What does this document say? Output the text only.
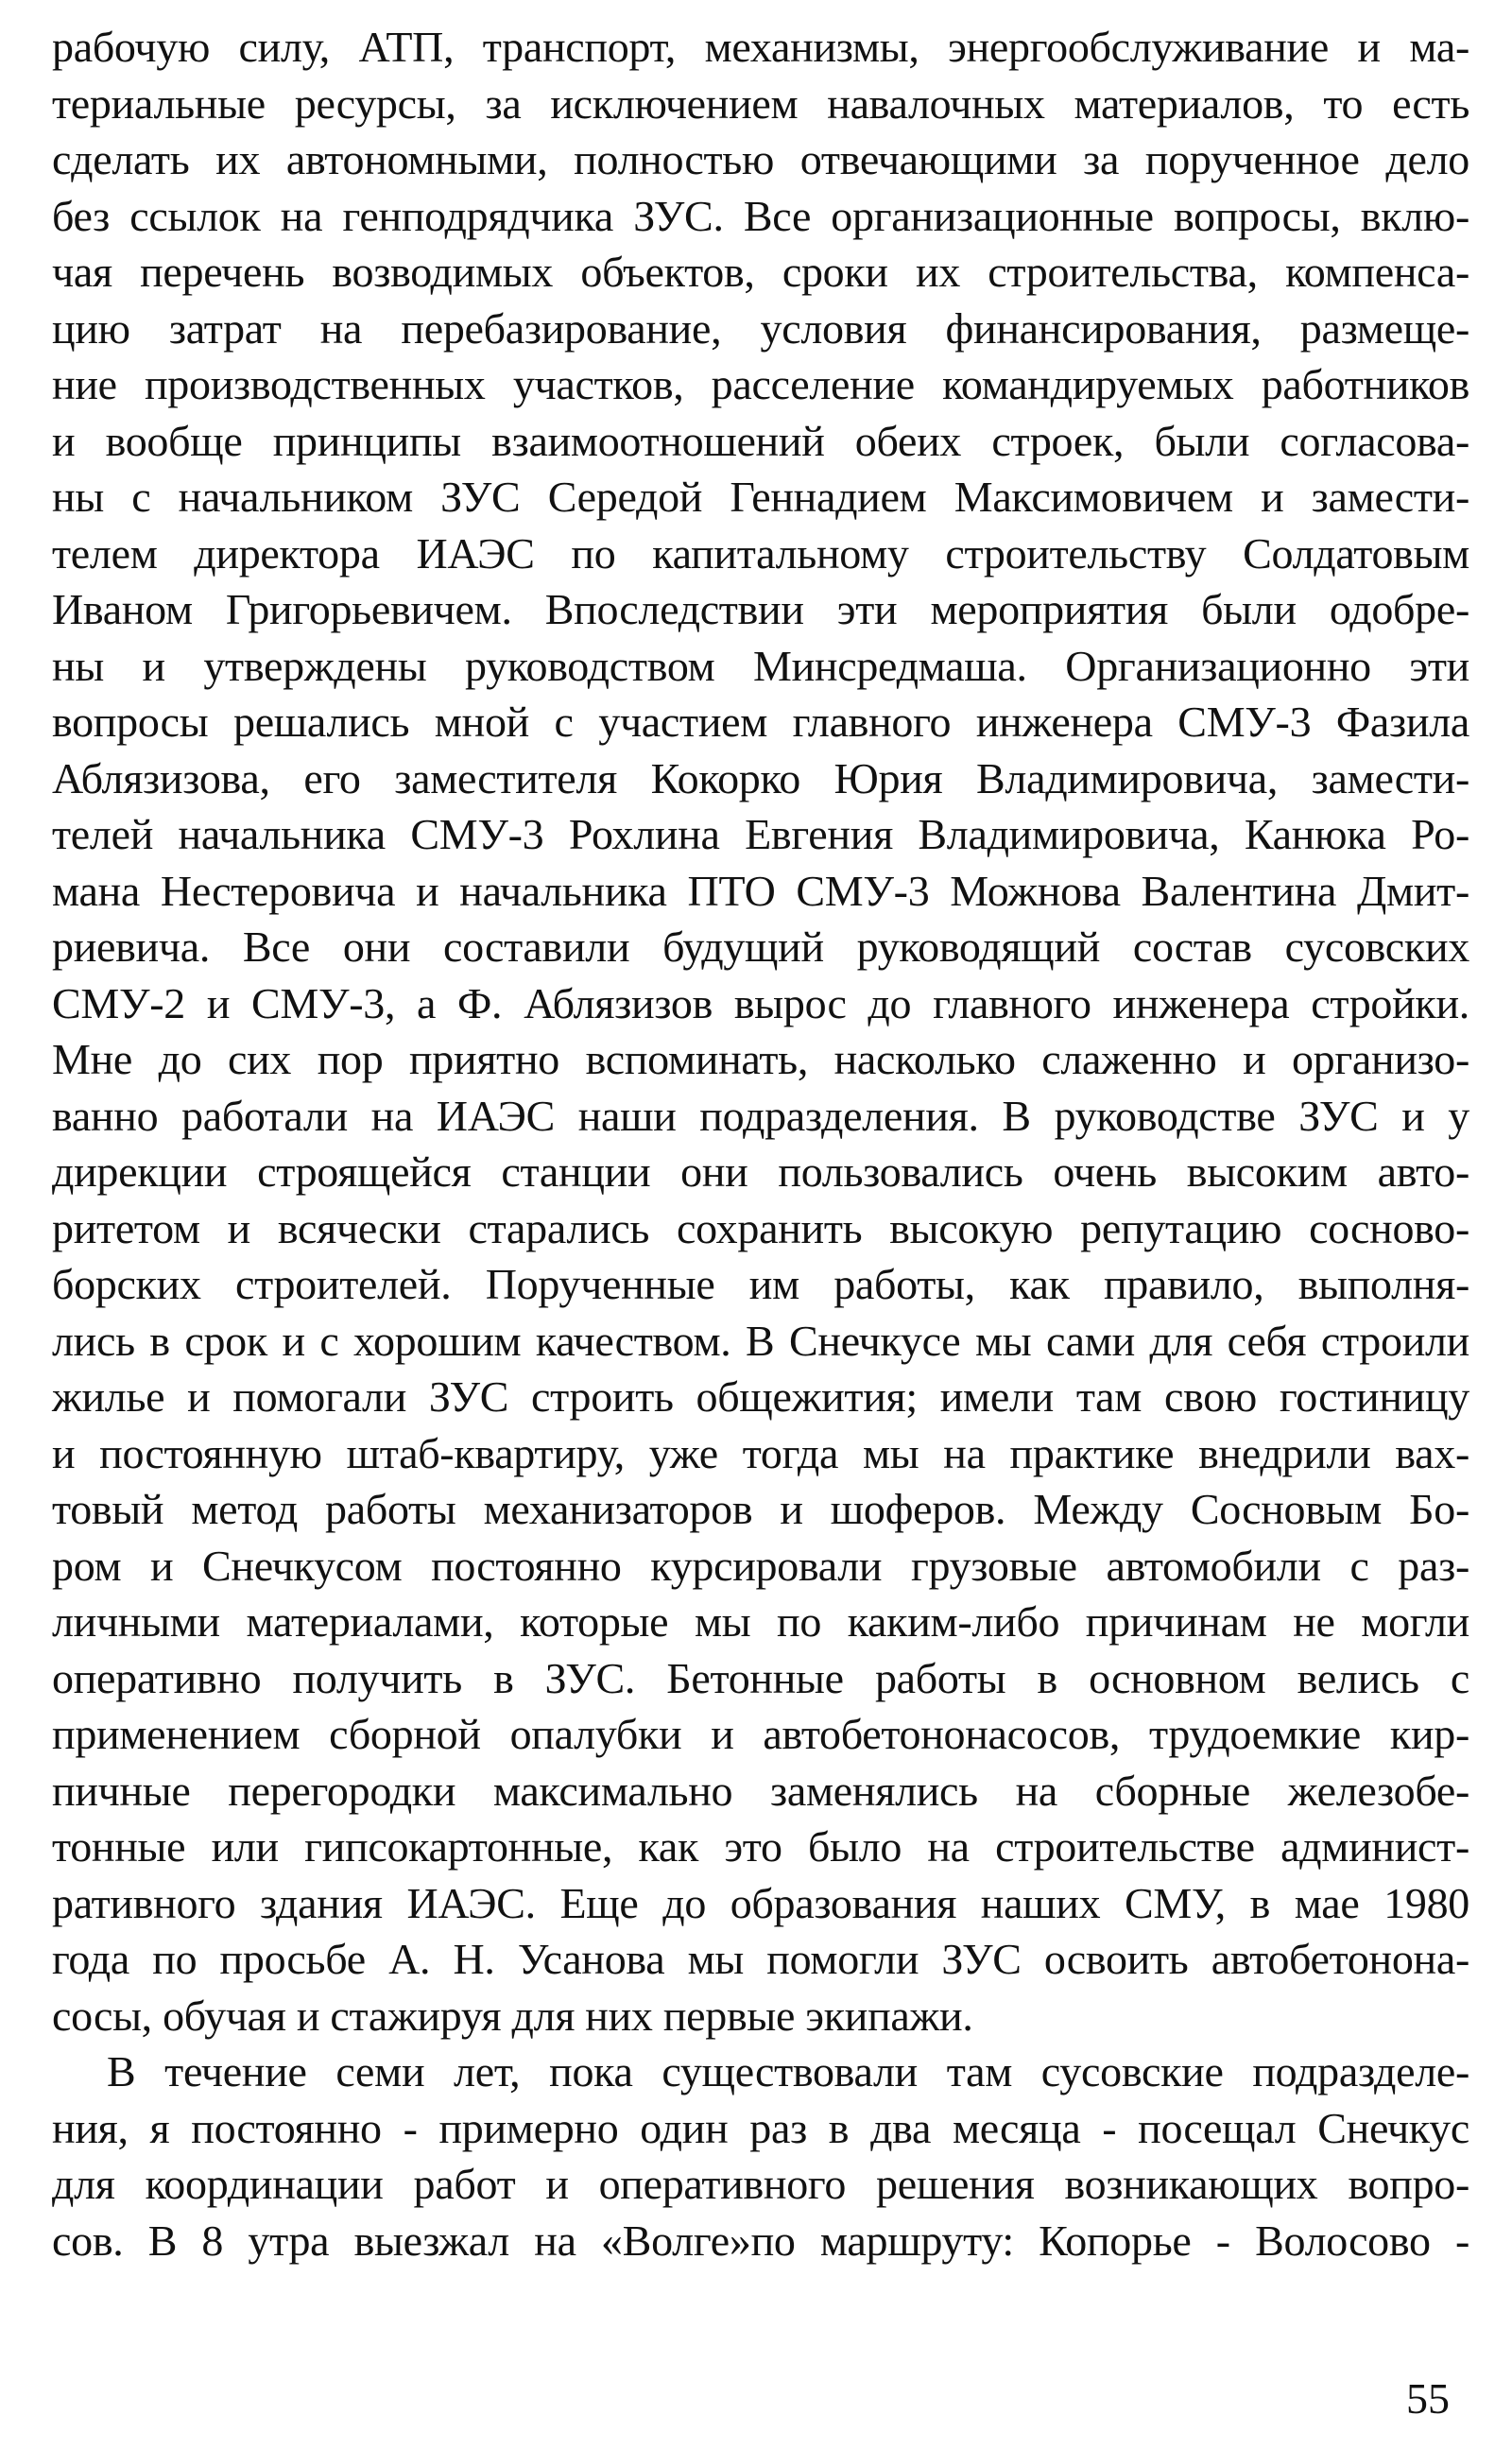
рабочую силу, АТП, транспорт, механизмы, энергообслуживание и ма-
териальные ресурсы, за исключением навалочных материалов, то есть
сделать их автономными, полностью отвечающими за порученное дело
без ссылок на генподрядчика ЗУС. Все организационные вопросы, вклю-
чая перечень возводимых объектов, сроки их строительства, компенса-
цию затрат на перебазирование, условия финансирования, размеще-
ние производственных участков, расселение командируемых работников
и вообще принципы взаимоотношений обеих строек, были согласова-
ны с начальником ЗУС Середой Геннадием Максимовичем и замести-
телем директора ИАЭС по капитальному строительству Солдатовым
Иваном Григорьевичем. Впоследствии эти мероприятия были одобре-
ны и утверждены руководством Минсредмаша. Организационно эти
вопросы решались мной с участием главного инженера СМУ-3 Фазила
Аблязизова, его заместителя Кокорко Юрия Владимировича, замести-
телей начальника СМУ-3 Рохлина Евгения Владимировича, Канюка Ро-
мана Нестеровича и начальника ПТО СМУ-3 Можнова Валентина Дмит-
риевича. Все они составили будущий руководящий состав сусовских
СМУ-2 и СМУ-3, а Ф. Аблязизов вырос до главного инженера стройки.
Мне до сих пор приятно вспоминать, насколько слаженно и организо-
ванно работали на ИАЭС наши подразделения. В руководстве ЗУС и у
дирекции строящейся станции они пользовались очень высоким авто-
ритетом и всячески старались сохранить высокую репутацию сосново-
борских строителей. Порученные им работы, как правило, выполня-
лись в срок и с хорошим качеством. В Снечкусе мы сами для себя строили
жилье и помогали ЗУС строить общежития; имели там свою гостиницу
и постоянную штаб-квартиру, уже тогда мы на практике внедрили вах-
товый метод работы механизаторов и шоферов. Между Сосновым Бо-
ром и Снечкусом постоянно курсировали грузовые автомобили с раз-
личными материалами, которые мы по каким-либо причинам не могли
оперативно получить в ЗУС. Бетонные работы в основном велись с
применением сборной опалубки и автобетононасосов, трудоемкие кир-
пичные перегородки максимально заменялись на сборные железобе-
тонные или гипсокартонные, как это было на строительстве админист-
ративного здания ИАЭС. Еще до образования наших СМУ, в мае 1980
года по просьбе А. Н. Усанова мы помогли ЗУС освоить автобетонона-
сосы, обучая и стажируя для них первые экипажи.
В течение семи лет, пока существовали там сусовские подразделе-
ния, я постоянно - примерно один раз в два месяца - посещал Снечкус
для координации работ и оперативного решения возникающих вопро-
сов. В 8 утра выезжал на «Волге»по маршруту: Копорье - Волосово -
55
